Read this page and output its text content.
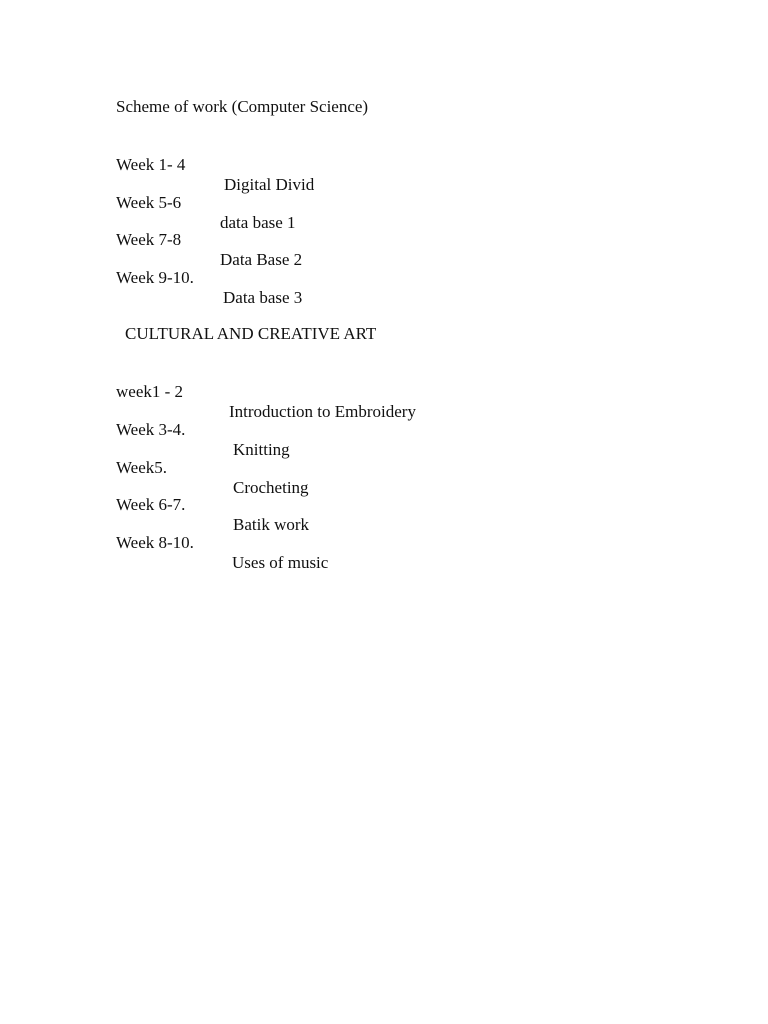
Scheme of work (Computer Science)

Week 1- 4

Digital Divid

Week 5-6

data base 1

Week 7-8

Data Base 2

Week 9-10.

Data base 3

CULTURAL AND CREATIVE ART

week1 - 2

Introduction to Embroidery

Week 3-4.

Knitting

Week5.

Crocheting

Week 6-7.

Batik work

Week 8-10.

Uses of music
